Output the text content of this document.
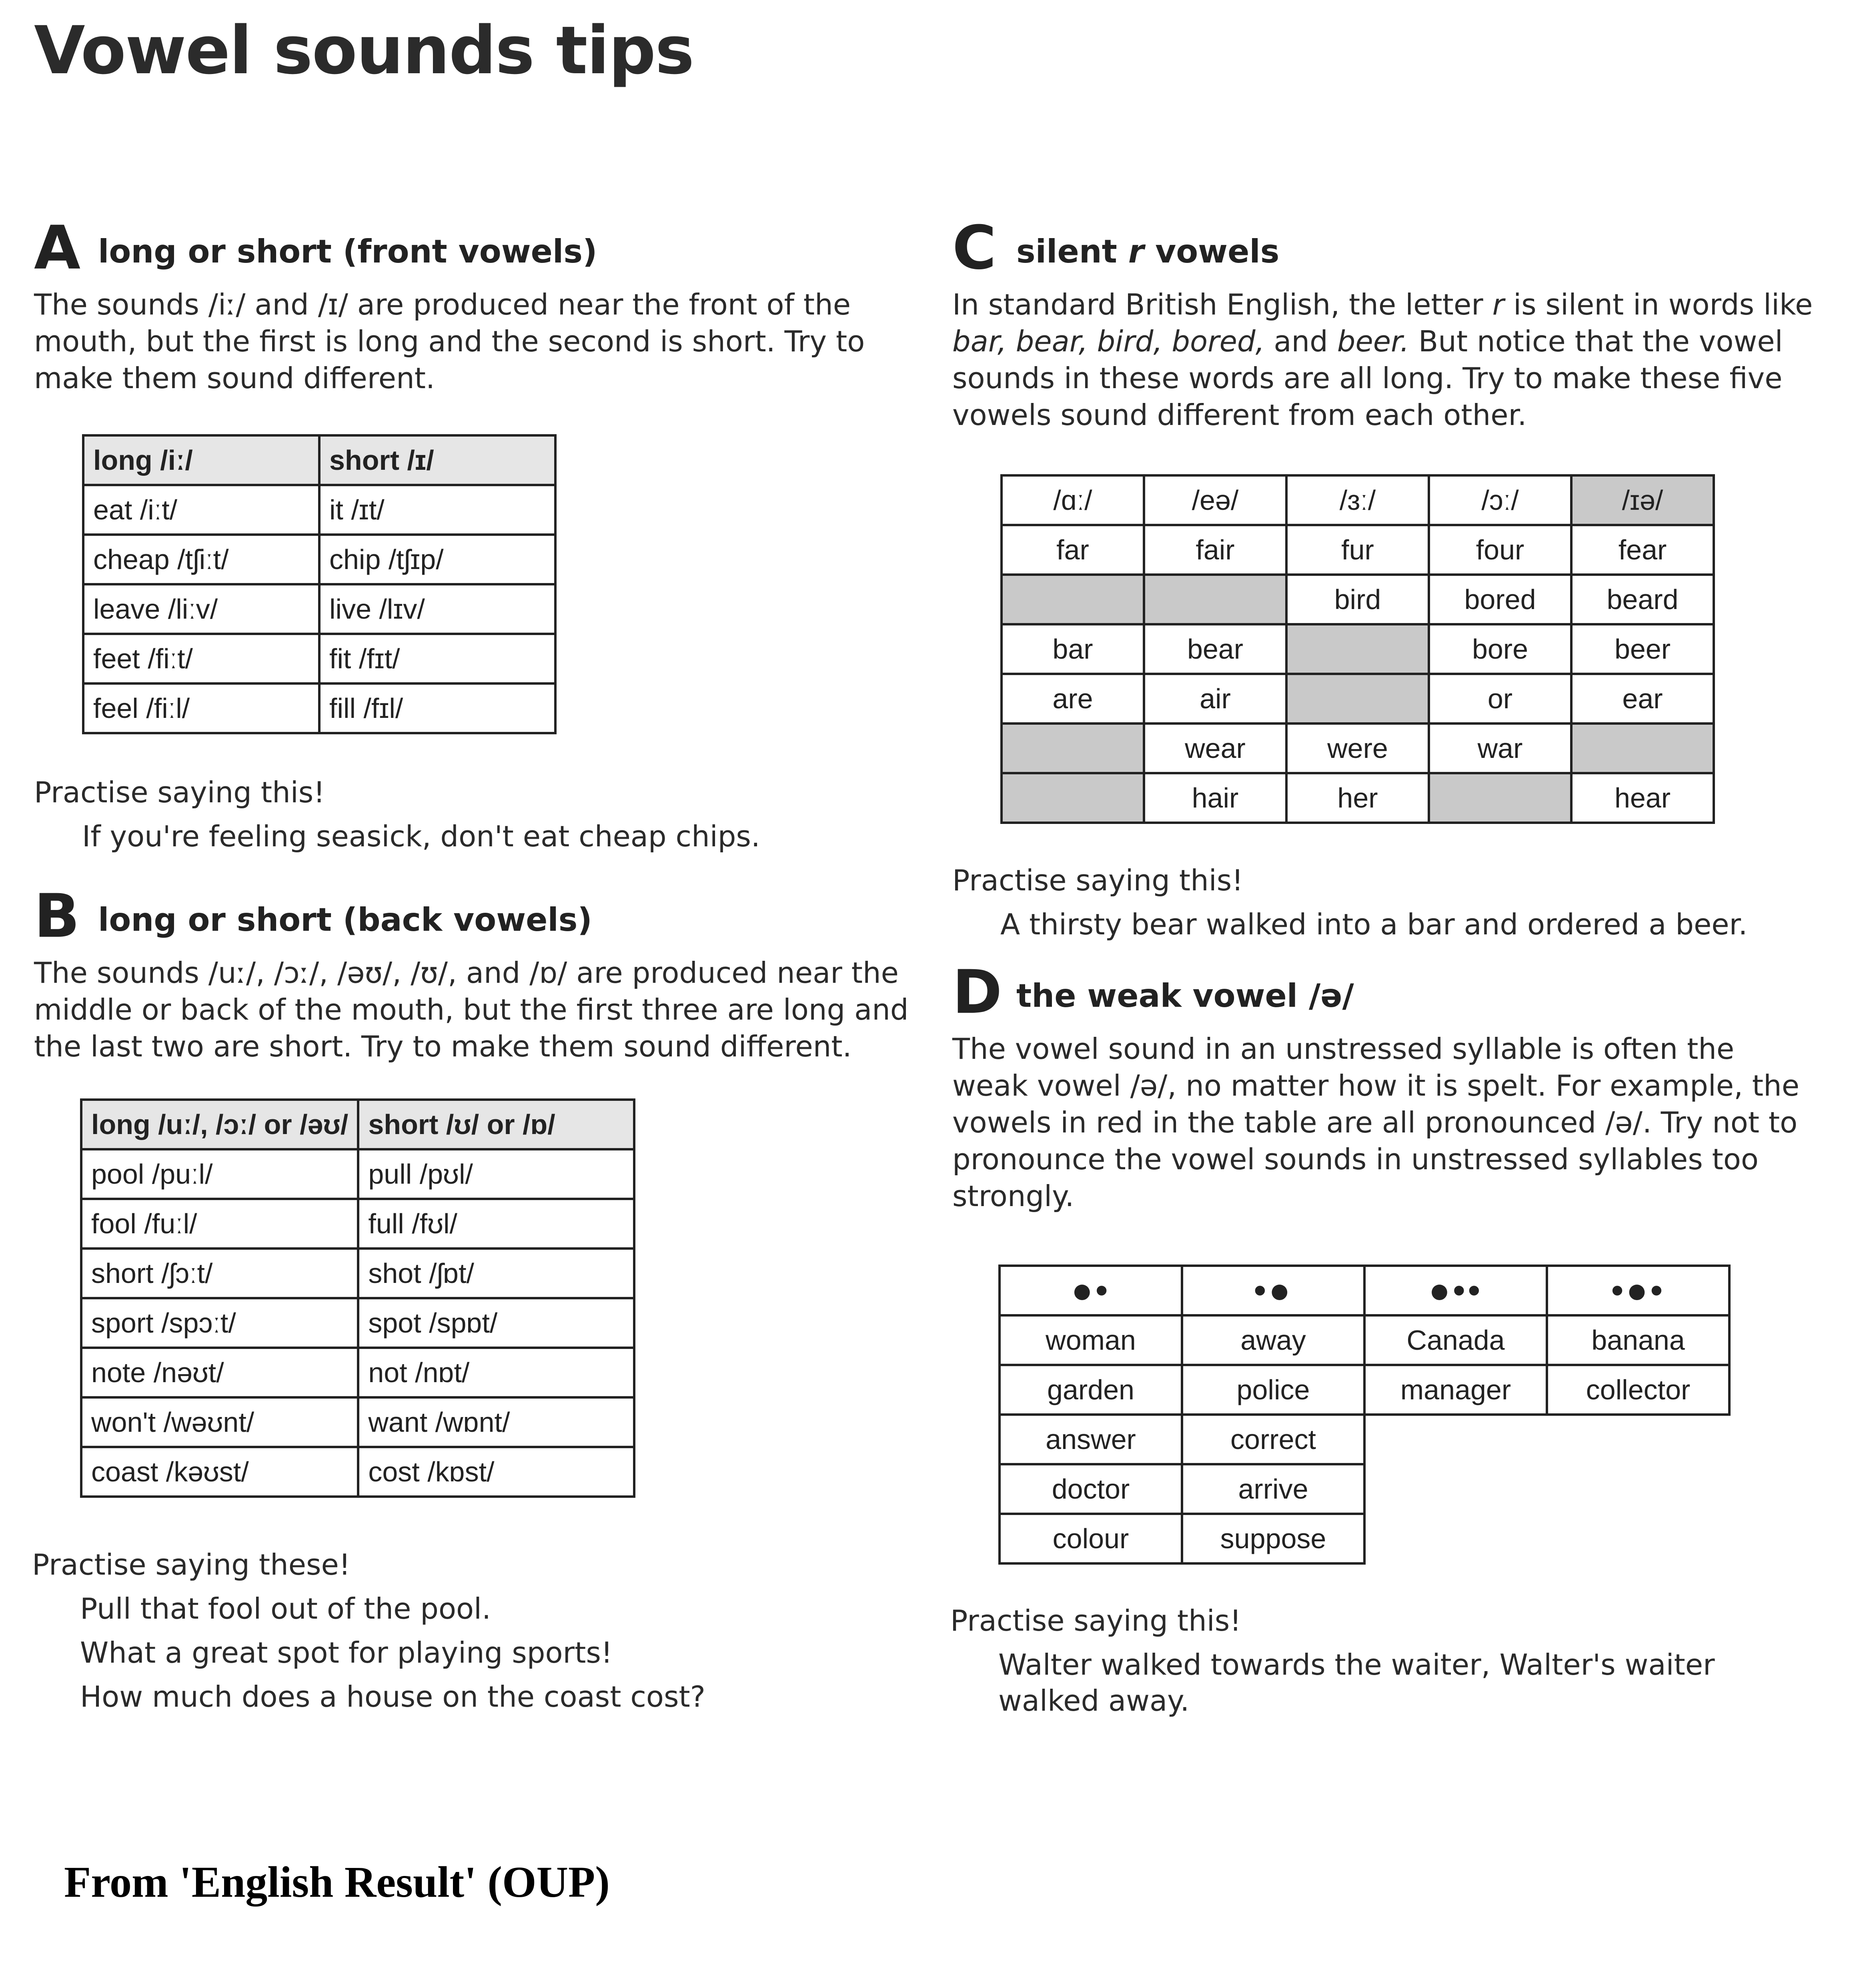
Vowel sounds tips
A long or short (front vowels)

The sounds /iː/ and /ɪ/ are produced near the front of the mouth, but the first is long and the second is short. Try to make them sound different.

long /iː/	short /ɪ/
eat /iːt/	it /ɪt/
cheap /tʃiːt/	chip /tʃɪp/
leave /liːv/	live /lɪv/
feet /fiːt/	fit /fɪt/
feel /fiːl/	fill /fɪl/

Practise saying this!

If you're feeling seasick, don't eat cheap chips.

B long or short (back vowels)

The sounds /uː/, /ɔː/, /əʊ/, /ʊ/, and /ɒ/ are produced near the middle or back of the mouth, but the first three are long and the last two are short. Try to make them sound different.

long /uː/, /ɔː/ or /əʊ/	short /ʊ/ or /ɒ/
pool /puːl/	pull /pʊl/
fool /fuːl/	full /fʊl/
short /ʃɔːt/	shot /ʃɒt/
sport /spɔːt/	spot /spɒt/
note /nəʊt/	not /nɒt/
won't /wəʊnt/	want /wɒnt/
coast /kəʊst/	cost /kɒst/

Practise saying these!

Pull that fool out of the pool.

What a great spot for playing sports!

How much does a house on the coast cost?

C silent r vowels

In standard British English, the letter r is silent in words like bar, bear, bird, bored, and beer. But notice that the vowel sounds in these words are all long. Try to make these five vowels sound different from each other.

/ɑː/	/eə/	/ɜː/	/ɔː/	/ɪə/
far	fair	fur	four	fear
		bird	bored	beard
bar	bear		bore	beer
are	air		or	ear
	wear	were	war	
	hair	her		hear

Practise saying this!

A thirsty bear walked into a bar and ordered a beer.

D the weak vowel /ə/

The vowel sound in an unstressed syllable is often the weak vowel /ə/, no matter how it is spelt. For example, the vowels in red in the table are all pronounced /ə/. Try not to pronounce the vowel sounds in unstressed syllables too strongly.

●•	•●	●••	•●•
woman	away	Canada	banana
garden	police	manager	collector
answer	correct		
doctor	arrive		
colour	suppose		

Practise saying this!

Walter walked towards the waiter, Walter's waiter walked away.

From 'English Result' (OUP)
